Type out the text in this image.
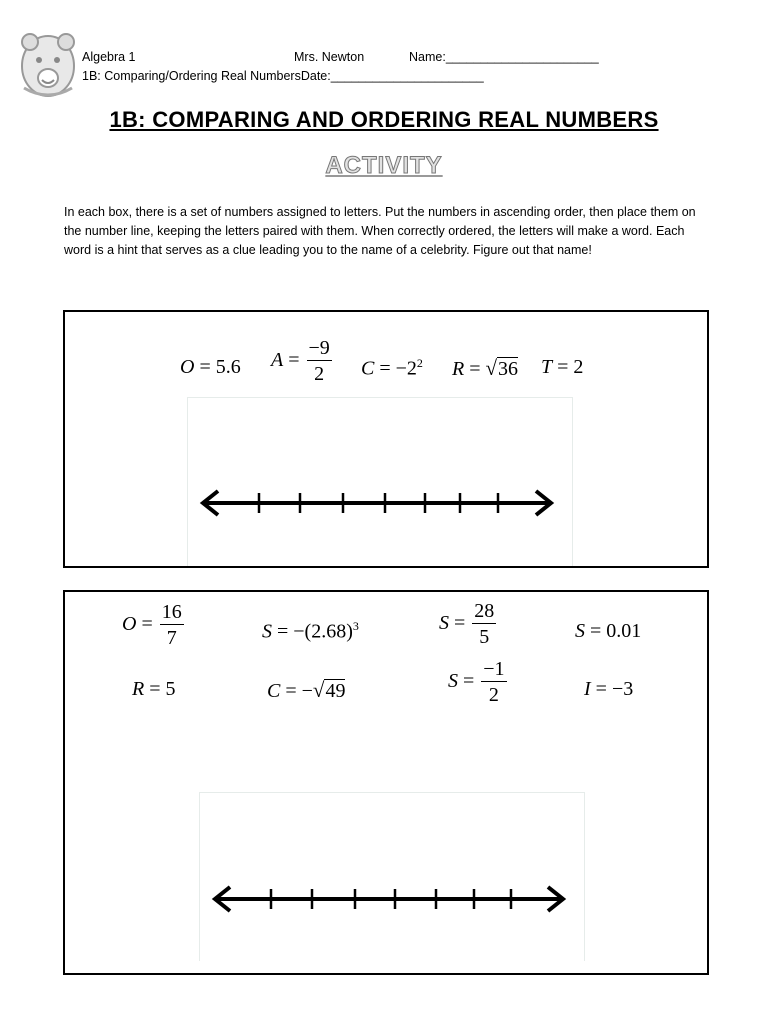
Algebra 1	Mrs. Newton	Name:______________________
1B: Comparing/Ordering Real NumbersDate:______________________
1B: COMPARING AND ORDERING REAL NUMBERS
ACTIVITY
In each box, there is a set of numbers assigned to letters. Put the numbers in ascending order, then place them on the number line, keeping the letters paired with them. When correctly ordered, the letters will make a word. Each word is a hint that serves as a clue leading you to the name of a celebrity. Figure out that name!
O = 5.6 $A = \frac{-9}{2}$ $C = -2^2$ R = √36 T = 2
$O = \frac{16}{7}$	$S = -(2.68)^3$	$S = \frac{28}{5}$	S = 0.01
R = 5	C = −√49	$S = \frac{-1}{2}$	I = −3
